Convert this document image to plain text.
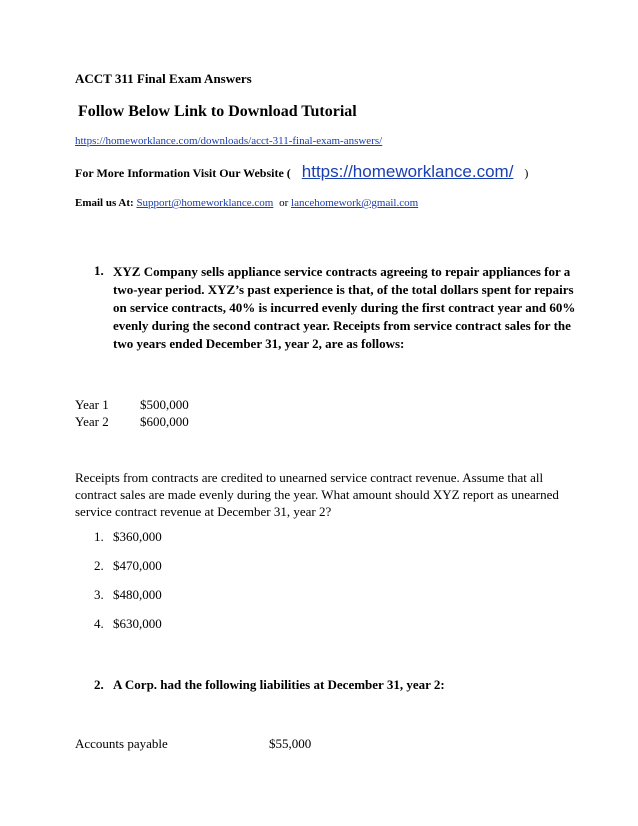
ACCT 311 Final Exam Answers
Follow Below Link to Download Tutorial
https://homeworklance.com/downloads/acct-311-final-exam-answers/
For More Information Visit Our Website ( https://homeworklance.com/ )
Email us At: Support@homeworklance.com or lancehomework@gmail.com
1. XYZ Company sells appliance service contracts agreeing to repair appliances for a two-year period. XYZ’s past experience is that, of the total dollars spent for repairs on service contracts, 40% is incurred evenly during the first contract year and 60% evenly during the second contract year. Receipts from service contract sales for the two years ended December 31, year 2, are as follows:
Year 1 $500,000
Year 2 $600,000
Receipts from contracts are credited to unearned service contract revenue. Assume that all contract sales are made evenly during the year. What amount should XYZ report as unearned service contract revenue at December 31, year 2?
1. $360,000
2. $470,000
3. $480,000
4. $630,000
2. A Corp. had the following liabilities at December 31, year 2:
Accounts payable	$55,000
